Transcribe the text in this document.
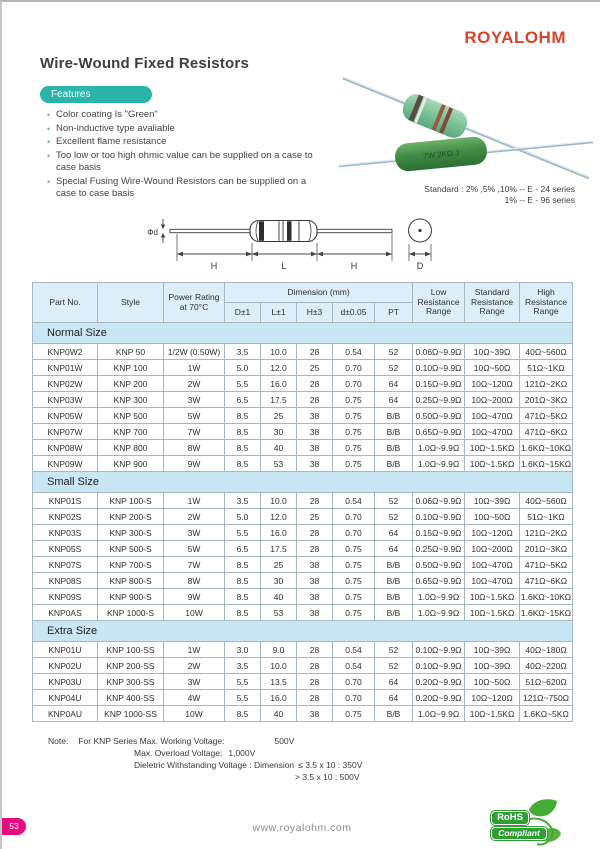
ROYALOHM
Wire-Wound Fixed Resistors
Features
• Color coating Is "Green"
• Non-inductive type avaliable
• Excellent flame resistance
• Too low or too high ohmic value can be supplied on a case to case basis
• Special Fusing Wire-Wound Resistors can be supplied on a case to case basis
7W 2KΩ J
Standard : 2% ,5% ,10% -- E - 24 series
1% -- E - 96 series
Φd
H	L	H	D
Part No.	Style	Power Rating at 70°C	Dimension (mm)					Low Resistance Range	Standard Resistance Range	High Resistance Range
			D±1	L±1	H±3	d±0.05	PT			
Normal Size										
KNP0W2	KNP 50	1/2W (0.50W)	3.5	10.0	28	0.54	52	0.06Ω~9.9Ω	10Ω~39Ω	40Ω~560Ω
KNP01W	KNP 100	1W	5.0	12.0	25	0.70	52	0.10Ω~9.9Ω	10Ω~50Ω	51Ω~1KΩ
KNP02W	KNP 200	2W	5.5	16.0	28	0.70	64	0.15Ω~9.9Ω	10Ω~120Ω	121Ω~2KΩ
KNP03W	KNP 300	3W	6.5	17.5	28	0.75	64	0.25Ω~9.9Ω	10Ω~200Ω	201Ω~3KΩ
KNP05W	KNP 500	5W	8.5	25	38	0.75	B/B	0.50Ω~9.9Ω	10Ω~470Ω	471Ω~5KΩ
KNP07W	KNP 700	7W	8.5	30	38	0.75	B/B	0.65Ω~9.9Ω	10Ω~470Ω	471Ω~6KΩ
KNP08W	KNP 800	8W	8.5	40	38	0.75	B/B	1.0Ω~9.9Ω	10Ω~1.5KΩ	1.6KΩ~10KΩ
KNP09W	KNP 900	9W	8.5	53	38	0.75	B/B	1.0Ω~9.9Ω	10Ω~1.5KΩ	1.6KΩ~15KΩ
Small Size										
KNP01S	KNP 100-S	1W	3.5	10.0	28	0.54	52	0.06Ω~9.9Ω	10Ω~39Ω	40Ω~560Ω
KNP02S	KNP 200-S	2W	5.0	12.0	25	0.70	52	0.10Ω~9.9Ω	10Ω~50Ω	51Ω~1KΩ
KNP03S	KNP 300-S	3W	5.5	16.0	28	0.70	64	0.15Ω~9.9Ω	10Ω~120Ω	121Ω~2KΩ
KNP05S	KNP 500-S	5W	6.5	17.5	28	0.75	64	0.25Ω~9.9Ω	10Ω~200Ω	201Ω~3KΩ
KNP07S	KNP 700-S	7W	8.5	25	38	0.75	B/B	0.50Ω~9.9Ω	10Ω~470Ω	471Ω~5KΩ
KNP08S	KNP 800-S	8W	8.5	30	38	0.75	B/B	0.65Ω~9.9Ω	10Ω~470Ω	471Ω~6KΩ
KNP09S	KNP 900-S	9W	8.5	40	38	0.75	B/B	1.0Ω~9.9Ω	10Ω~1.5KΩ	1.6KΩ~10KΩ
KNP0AS	KNP 1000-S	10W	8.5	53	38	0.75	B/B	1.0Ω~9.9Ω	10Ω~1.5KΩ	1.6KΩ~15KΩ
Extra Size										
KNP01U	KNP 100-SS	1W	3.0	9.0	28	0.54	52	0.10Ω~9.9Ω	10Ω~39Ω	40Ω~180Ω
KNP02U	KNP 200-SS	2W	3.5	10.0	28	0.54	52	0.10Ω~9.9Ω	10Ω~39Ω	40Ω~220Ω
KNP03U	KNP 300-SS	3W	5.5	13.5	28	0.70	64	0.20Ω~9.9Ω	10Ω~50Ω	51Ω~620Ω
KNP04U	KNP 400-SS	4W	5.5	16.0	28	0.70	64	0.20Ω~9.9Ω	10Ω~120Ω	121Ω~750Ω
KNP0AU	KNP 1000-SS	10W	8.5	40	38	0.75	B/B	1.0Ω~9.9Ω	10Ω~1.5KΩ	1.6KΩ~5KΩ
Note: For KNP Series Max. Working Voltage:	500V
Max. Overload Voltage: 1,000V
Dieletric Withstanding Voltage : Dimension ≤ 3.5 x 10 : 350V
> 3.5 x 10 : 500V
53	www.royalohm.com
RoHS
Compliant
